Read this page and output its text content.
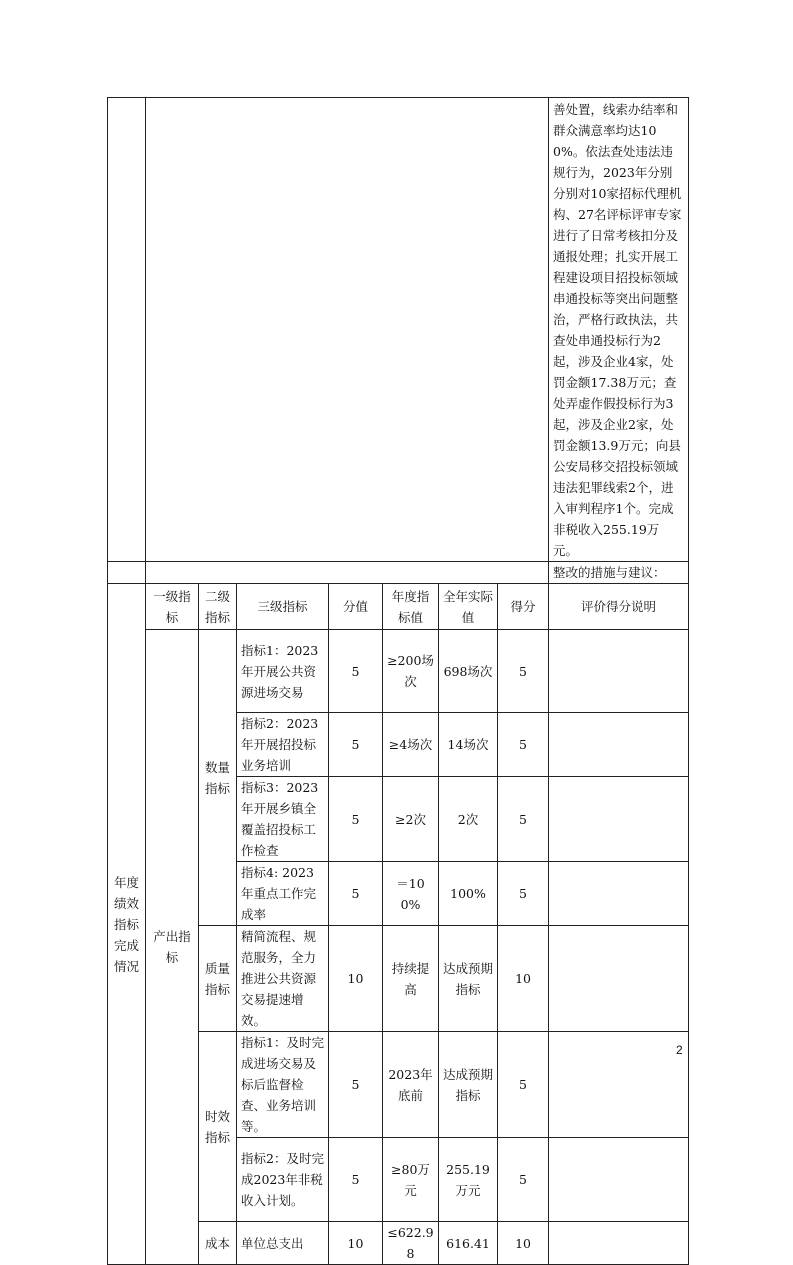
								善处置，线索办结率和群众满意率均达100%。依法查处违法违规行为，2023年分别分别对10家招标代理机构、27名评标评审专家进行了日常考核扣分及通报处理；扎实开展工程建设项目招投标领域串通投标等突出问题整治，严格行政执法，共查处串通投标行为2起，涉及企业4家，处罚金额17.38万元；查处弄虚作假投标行为3起，涉及企业2家，处罚金额13.9万元；向县公安局移交招投标领域违法犯罪线索2个，进入审判程序1个。完成非税收入255.19万元。
								整改的措施与建议：
年度绩效指标完成情况	一级指标	二级指标	三级指标	分值	年度指标值	全年实际值	得分	评价得分说明
	产出指标	数量指标	指标1：2023年开展公共资源进场交易	5	≥200场次	698场次	5	
			指标2：2023年开展招投标业务培训	5	≥4场次	14场次	5	
			指标3：2023年开展乡镇全覆盖招投标工作检查	5	≥2次	2次	5	
			指标4: 2023年重点工作完成率	5	＝100%	100%	5	
		质量指标	精简流程、规范服务，全力推进公共资源交易提速增效。	10	持续提高	达成预期指标	10	
		时效指标	指标1：及时完成进场交易及标后监督检查、业务培训等。	5	2023年底前	达成预期指标	5	
			指标2：及时完成2023年非税收入计划。	5	≥80万元	255.19万元	5	
		成本	单位总支出	10	≤622.98	616.41	10	
2
